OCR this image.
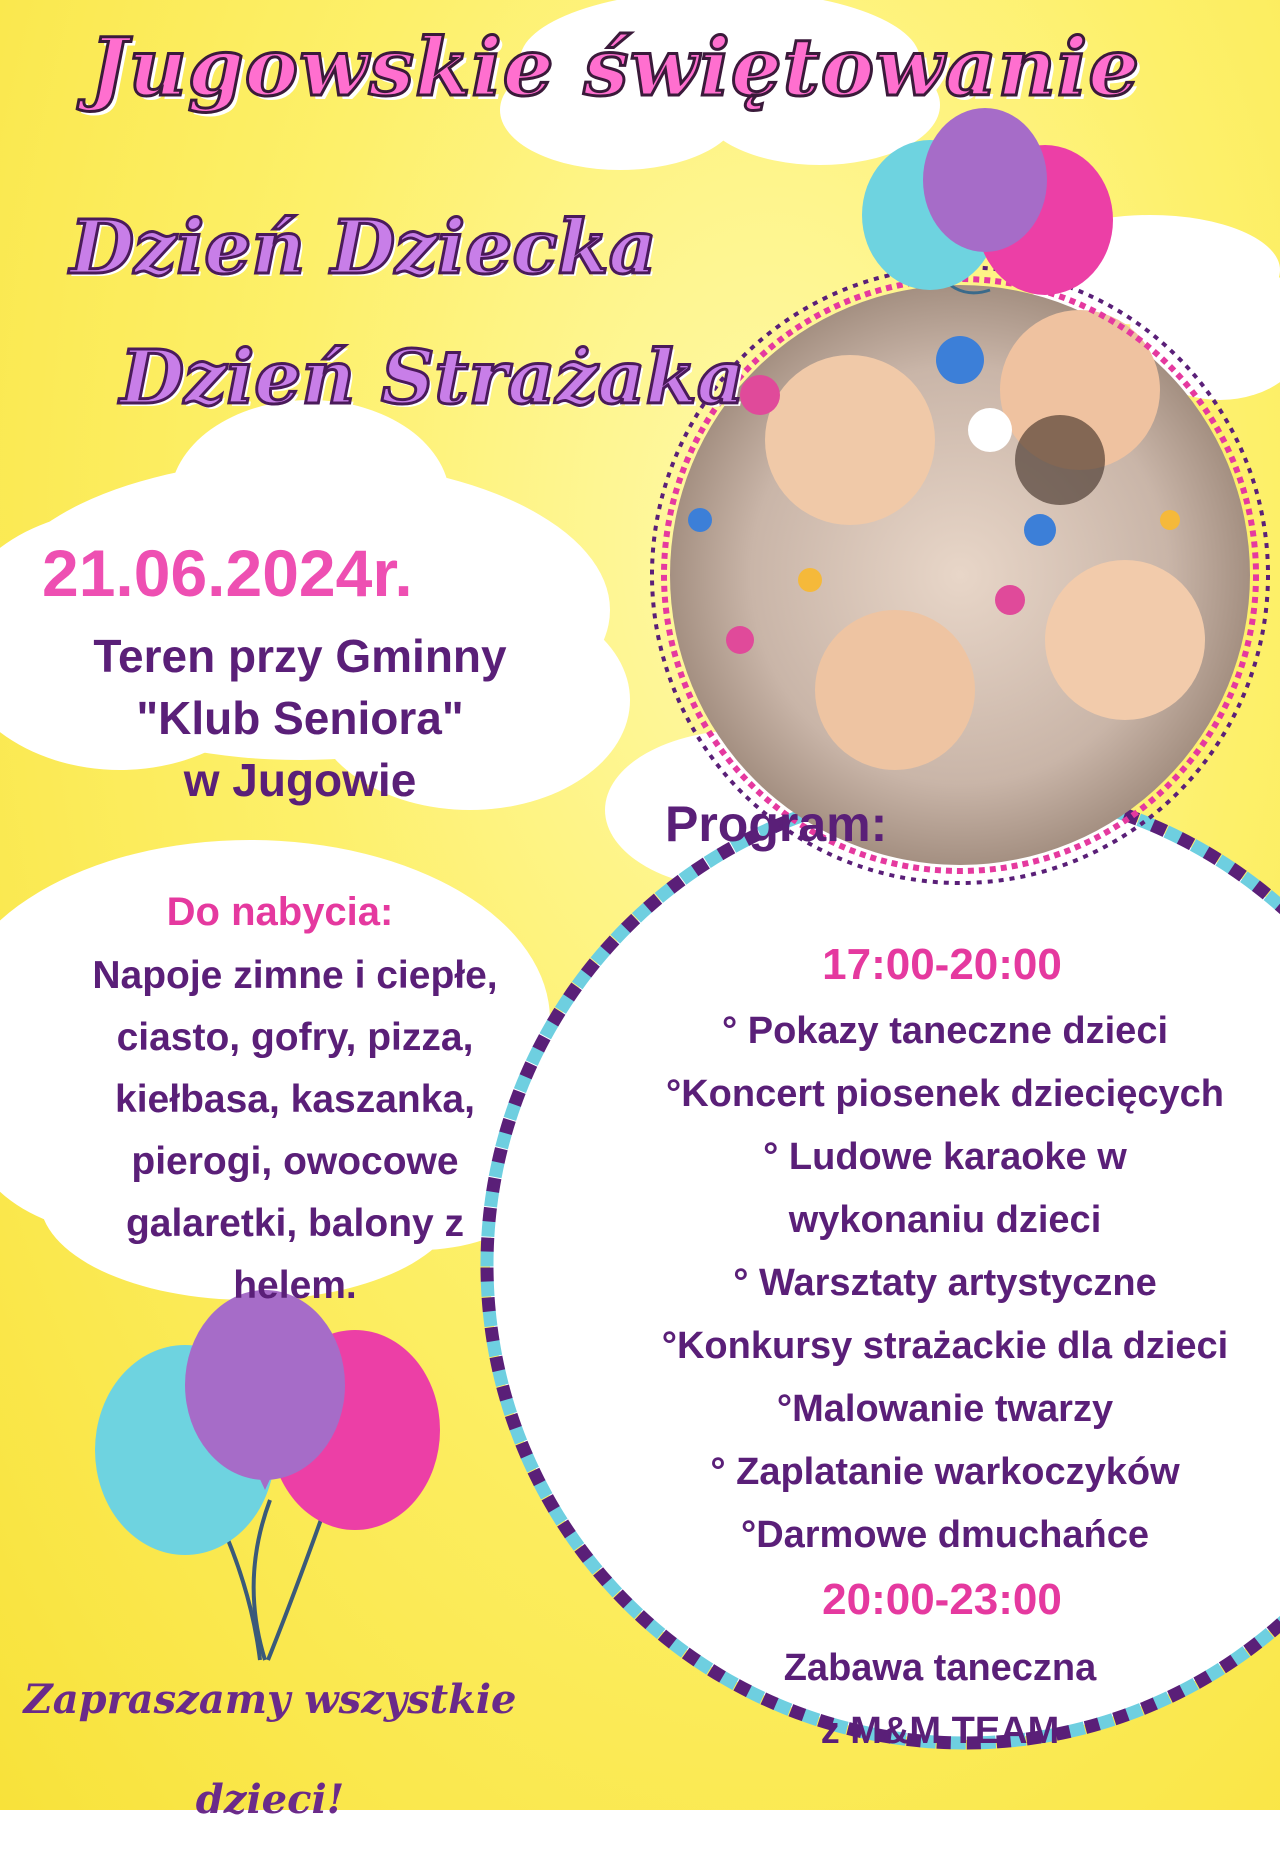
Jugowskie świętowanie
Dzień Dziecka
Dzień Strażaka
21.06.2024r.
Teren przy Gminny
"Klub Seniora"
w Jugowie
Do nabycia:
Napoje zimne i ciepłe,
ciasto, gofry, pizza,
kiełbasa, kaszanka,
pierogi, owocowe
galaretki, balony z
helem.
Program:
17:00-20:00
° Pokazy taneczne dzieci
°Koncert piosenek dziecięcych
° Ludowe karaoke w
wykonaniu dzieci
° Warsztaty artystyczne
°Konkursy strażackie dla dzieci
°Malowanie twarzy
° Zaplatanie warkoczyków
°Darmowe dmuchańce
20:00-23:00
Zabawa taneczna
z M&M TEAM
Zapraszamy wszystkie
dzieci!
